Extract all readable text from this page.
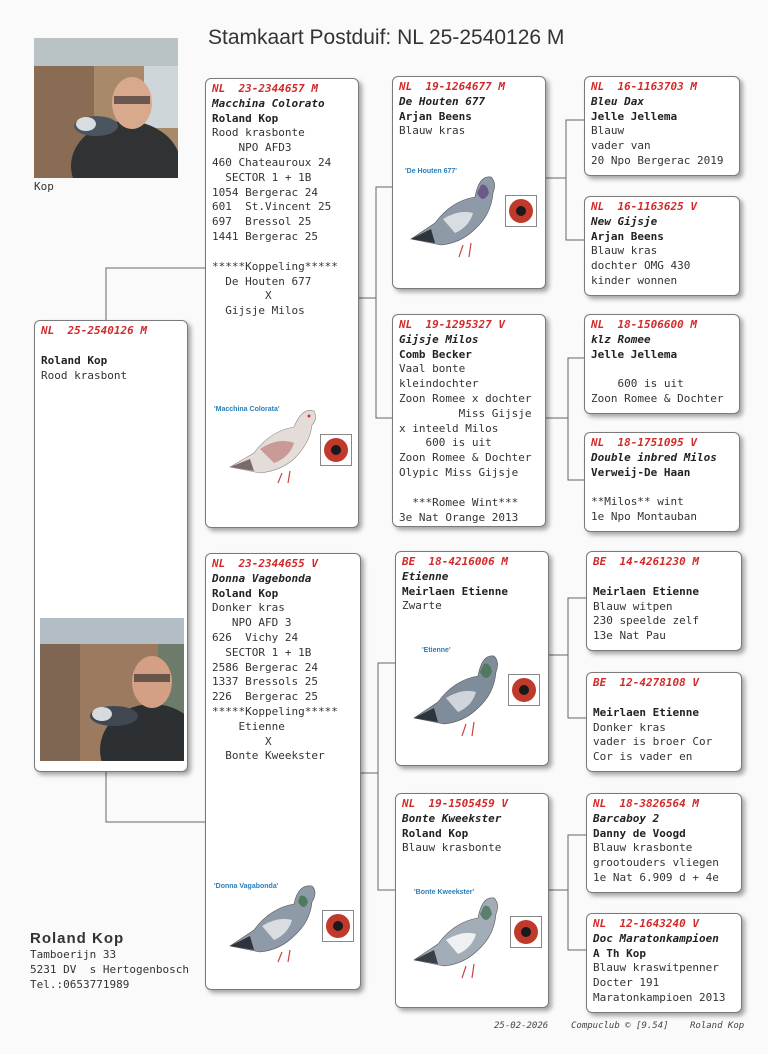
Stamkaart Postduif: NL 25-2540126 M
Kop
NL  25-2540126 M
Roland Kop
Rood krasbont
NL  23-2344657 M
Macchina Colorato
Roland Kop
Rood krasbonte
NPO AFD3
460 Chateauroux 24
SECTOR 1 + 1B
1054 Bergerac 24
601  St.Vincent 25
697  Bressol 25
1441 Bergerac 25
*****Koppeling*****
De Houten 677
X
Gijsje Milos
'Macchina Colorata'
NL  23-2344655 V
Donna Vagebonda
Roland Kop
Donker kras
NPO AFD 3
626  Vichy 24
SECTOR 1 + 1B
2586 Bergerac 24
1337 Bressols 25
226  Bergerac 25
*****Koppeling*****
Etienne
X
Bonte Kweekster
'Donna Vagabonda'
NL  19-1264677 M
De Houten 677
Arjan Beens
Blauw kras
'De Houten 677'
NL  19-1295327 V
Gijsje Milos
Comb Becker
Vaal bonte
kleindochter
Zoon Romee x dochter
Miss Gijsje
x inteeld Milos
600 is uit
Zoon Romee & Dochter
Olypic Miss Gijsje
***Romee Wint***
3e Nat Orange 2013
BE  18-4216006 M
Etienne
Meirlaen Etienne
Zwarte
'Etienne'
NL  19-1505459 V
Bonte Kweekster
Roland Kop
Blauw krasbonte
'Bonte Kweekster'
NL  16-1163703 M
Bleu Dax
Jelle Jellema
Blauw
vader van
20 Npo Bergerac 2019
NL  16-1163625 V
New Gijsje
Arjan Beens
Blauw kras
dochter OMG 430
kinder wonnen
NL  18-1506600 M
klz Romee
Jelle Jellema
600 is uit
Zoon Romee & Dochter
NL  18-1751095 V
Double inbred Milos
Verweij-De Haan
**Milos** wint
1e Npo Montauban
BE  14-4261230 M
Meirlaen Etienne
Blauw witpen
230 speelde zelf
13e Nat Pau
BE  12-4278108 V
Meirlaen Etienne
Donker kras
vader is broer Cor
Cor is vader en
NL  18-3826564 M
Barcaboy 2
Danny de Voogd
Blauw krasbonte
grootouders vliegen
1e Nat 6.909 d + 4e
NL  12-1643240 V
Doc Maratonkampioen
A Th Kop
Blauw kraswitpenner
Docter 191
Maratonkampioen 2013
Roland Kop
Tamboerijn 33
5231 DV  s Hertogenbosch
Tel.:0653771989
25-02-2026	Compuclub © [9.54] Roland Kop
